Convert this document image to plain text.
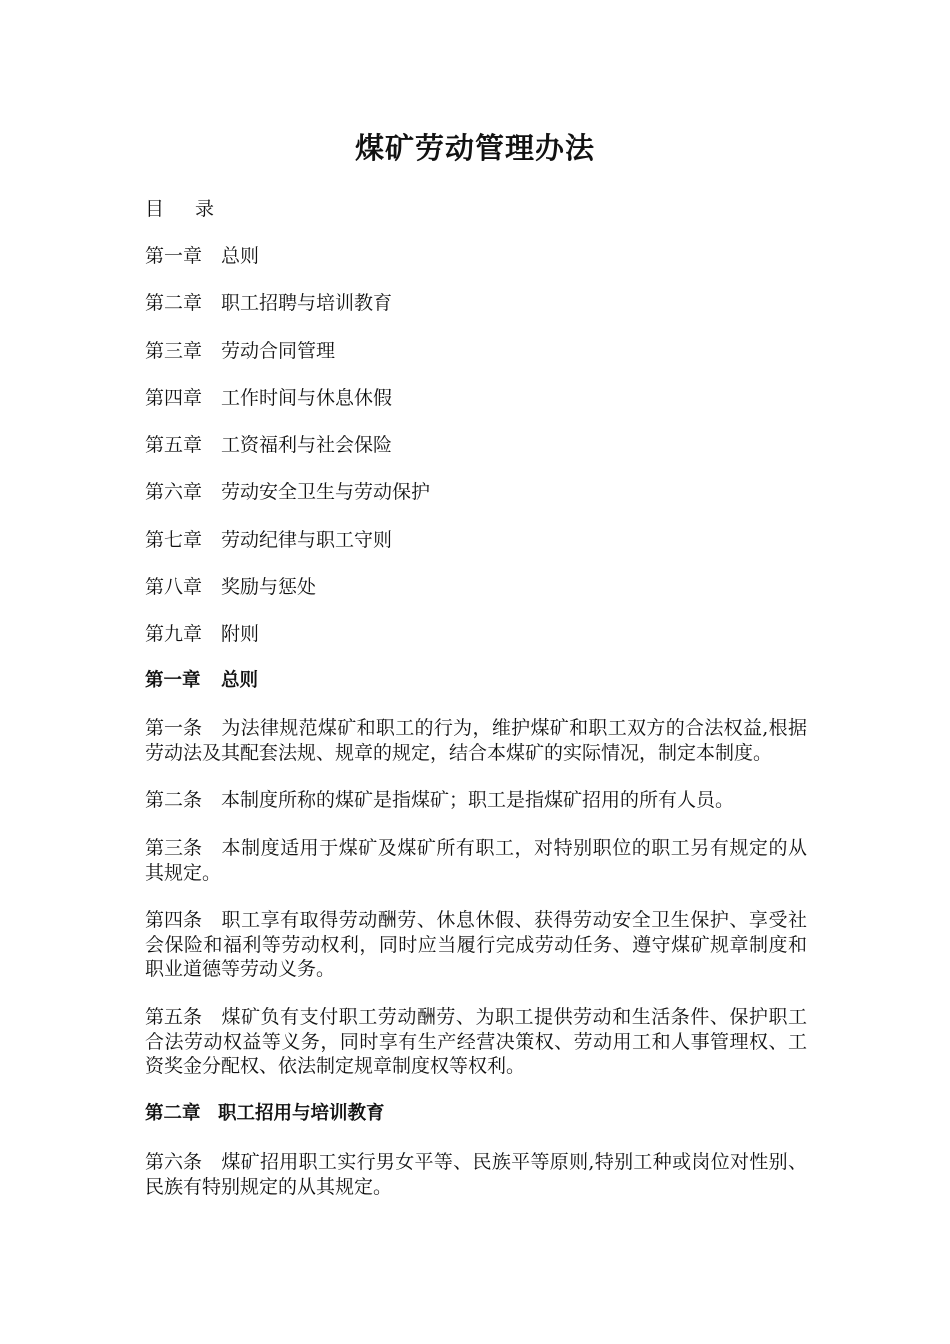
煤矿劳动管理办法
目　录
第一章 总则
第二章 职工招聘与培训教育
第三章 劳动合同管理
第四章 工作时间与休息休假
第五章 工资福利与社会保险
第六章 劳动安全卫生与劳动保护
第七章 劳动纪律与职工守则
第八章 奖励与惩处
第九章 附则
第一章	总则
第一条 为法律规范煤矿和职工的行为，维护煤矿和职工双方的合法权益,根据劳动法及其配套法规、规章的规定，结合本煤矿的实际情况，制定本制度。
第二条 本制度所称的煤矿是指煤矿；职工是指煤矿招用的所有人员。
第三条 本制度适用于煤矿及煤矿所有职工，对特别职位的职工另有规定的从其规定。
第四条 职工享有取得劳动酬劳、休息休假、获得劳动安全卫生保护、享受社会保险和福利等劳动权利，同时应当履行完成劳动任务、遵守煤矿规章制度和职业道德等劳动义务。
第五条 煤矿负有支付职工劳动酬劳、为职工提供劳动和生活条件、保护职工合法劳动权益等义务，同时享有生产经营决策权、劳动用工和人事管理权、工资奖金分配权、依法制定规章制度权等权利。
第二章 职工招用与培训教育
第六条 煤矿招用职工实行男女平等、民族平等原则,特别工种或岗位对性别、民族有特别规定的从其规定。
